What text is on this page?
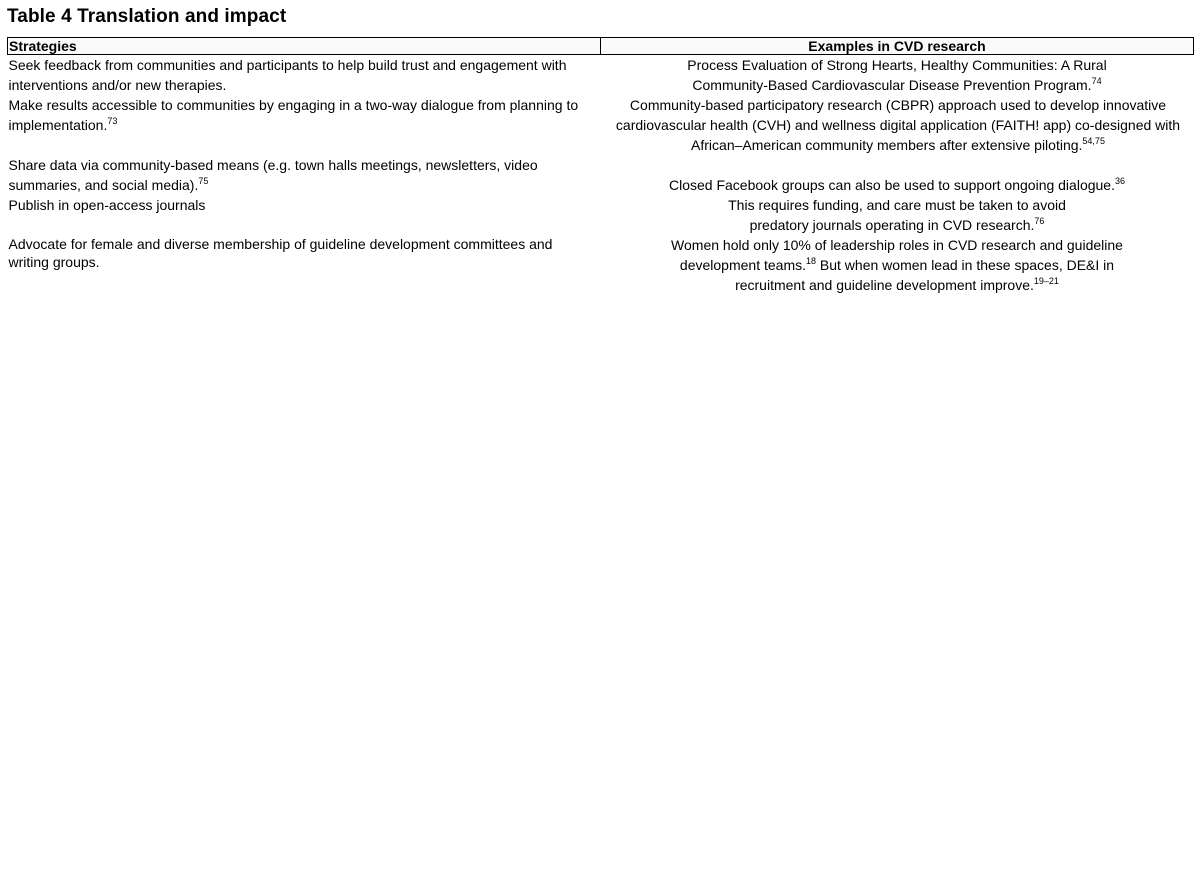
Table 4 Translation and impact
Strategies	Examples in CVD research
Seek feedback from communities and participants to help build trust and engagement with interventions and/or new therapies.	Process Evaluation of Strong Hearts, Healthy Communities: A Rural Community-Based Cardiovascular Disease Prevention Program.$^{74}$
Make results accessible to communities by engaging in a two-way dialogue from planning to implementation.$^{73}$	Community-based participatory research (CBPR) approach used to develop innovative cardiovascular health (CVH) and wellness digital application (FAITH! app) co-designed with African–American community members after extensive piloting.$^{54,75}$
Share data via community-based means (e.g. town halls meetings, newsletters, video summaries, and social media).$^{75}$	Closed Facebook groups can also be used to support ongoing dialogue.$^{36}$
Publish in open-access journals	This requires funding, and care must be taken to avoid predatory journals operating in CVD research.$^{76}$
Advocate for female and diverse membership of guideline development committees and writing groups.	Women hold only 10% of leadership roles in CVD research and guideline development teams.$^{18}$ But when women lead in these spaces, DE&I in recruitment and guideline development improve.$^{19-21}$
